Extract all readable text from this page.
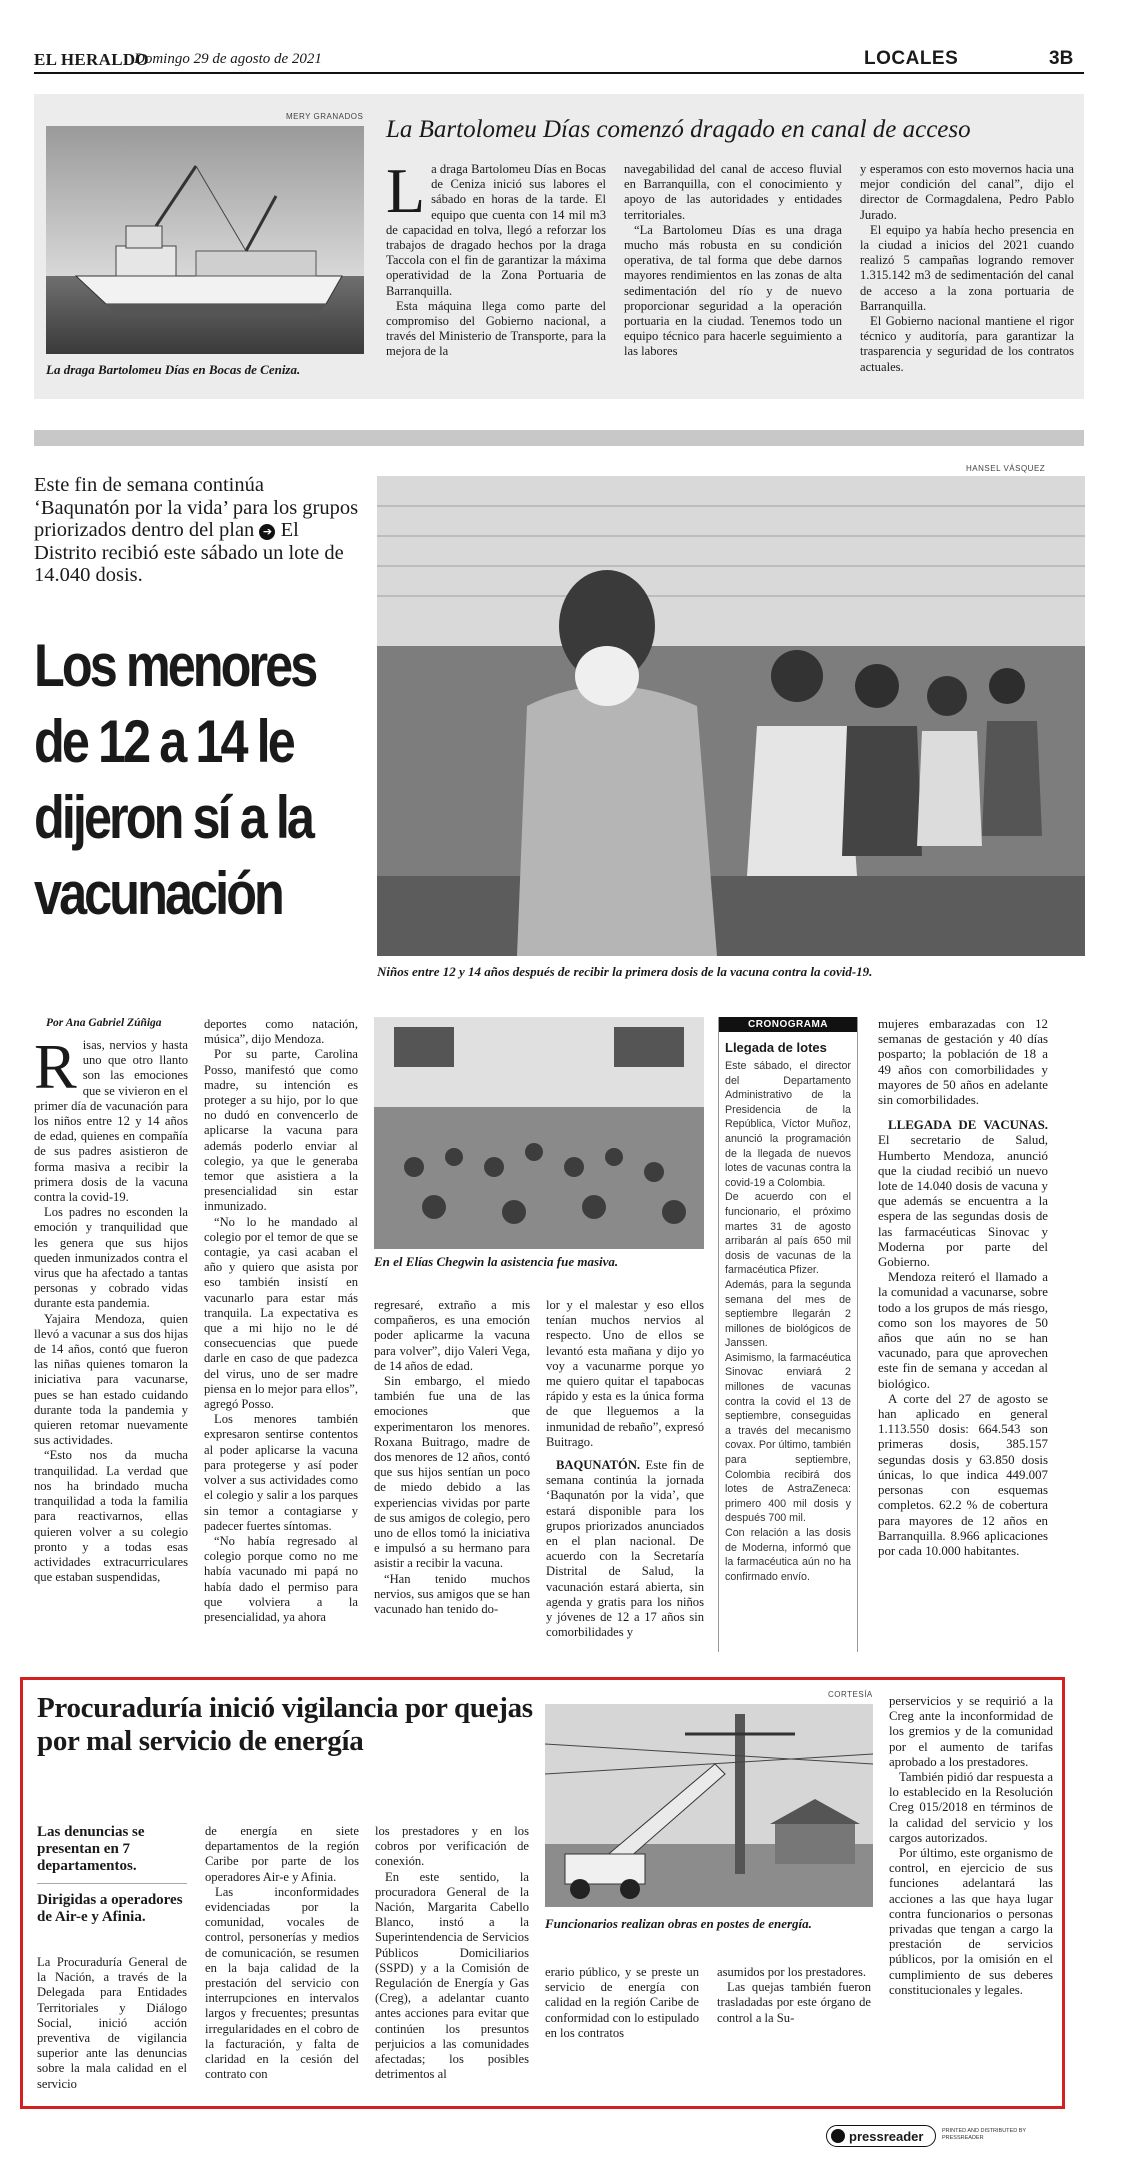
EL HERALDO
Domingo 29 de agosto de 2021	LOCALES	3B
MERY GRANADOS
La draga Bartolomeu Días en Bocas de Ceniza.
La Bartolomeu Días comenzó dragado en canal de acceso

La draga Bartolomeu Días en Bocas de Ceniza inició sus labores el sábado en horas de la tarde. El equipo que cuenta con 14 mil m3 de capacidad en tolva, llegó a reforzar los trabajos de dragado hechos por la draga Taccola con el fin de garantizar la máxima operatividad de la Zona Portuaria de Barranquilla.

Esta máquina llega como parte del compromiso del Gobierno nacional, a través del Ministerio de Transporte, para la mejora de la

navegabilidad del canal de acceso fluvial en Barranquilla, con el conocimiento y apoyo de las autoridades y entidades territoriales.

“La Bartolomeu Días es una draga mucho más robusta en su condición operativa, de tal forma que debe darnos mayores rendimientos en las zonas de alta sedimentación del río y de nuevo proporcionar seguridad a la operación portuaria en la ciudad. Tenemos todo un equipo técnico para hacerle seguimiento a las labores

y esperamos con esto movernos hacia una mejor condición del canal”, dijo el director de Cormagdalena, Pedro Pablo Jurado.

El equipo ya había hecho presencia en la ciudad a inicios del 2021 cuando realizó 5 campañas logrando remover 1.315.142 m3 de sedimentación del canal de acceso a la zona portuaria de Barranquilla.

El Gobierno nacional mantiene el rigor técnico y auditoría, para garantizar la trasparencia y seguridad de los contratos actuales.

Este fin de semana continúa ‘Baqunatón por la vida’ para los grupos priorizados dentro del plan ➔ El Distrito recibió este sábado un lote de 14.040 dosis.
Los menores de 12 a 14 le dijeron sí a la vacunación
HANSEL VÁSQUEZ
Niños entre 12 y 14 años después de recibir la primera dosis de la vacuna contra la covid-19.
Por Ana Gabriel Zúñiga

Risas, nervios y hasta uno que otro llanto son las emociones que se vivieron en el primer día de vacunación para los niños entre 12 y 14 años de edad, quienes en compañía de sus padres asistieron de forma masiva a recibir la primera dosis de la vacuna contra la covid-19.

Los padres no esconden la emoción y tranquilidad que les genera que sus hijos queden inmunizados contra el virus que ha afectado a tantas personas y cobrado vidas durante esta pandemia.

Yajaira Mendoza, quien llevó a vacunar a sus dos hijas de 14 años, contó que fueron las niñas quienes tomaron la iniciativa para vacunarse, pues se han estado cuidando durante toda la pandemia y quieren retomar nuevamente sus actividades.

“Esto nos da mucha tranquilidad. La verdad que nos ha brindado mucha tranquilidad a toda la familia para reactivarnos, ellas quieren volver a su colegio pronto y a todas esas actividades extracurriculares que estaban suspendidas,

deportes como natación, música”, dijo Mendoza.

Por su parte, Carolina Posso, manifestó que como madre, su intención es proteger a su hijo, por lo que no dudó en convencerlo de aplicarse la vacuna para además poderlo enviar al colegio, ya que le generaba temor que asistiera a la presencialidad sin estar inmunizado.

“No lo he mandado al colegio por el temor de que se contagie, ya casi acaban el año y quiero que asista por eso también insistí en vacunarlo para estar más tranquila. La expectativa es que a mi hijo no le dé consecuencias que puede darle en caso de que padezca del virus, uno de ser madre piensa en lo mejor para ellos”, agregó Posso.

Los menores también expresaron sentirse contentos al poder aplicarse la vacuna para protegerse y así poder volver a sus actividades como el colegio y salir a los parques sin temor a contagiarse y padecer fuertes síntomas.

“No había regresado al colegio porque como no me había vacunado mi papá no había dado el permiso para que volviera a la presencialidad, ya ahora

En el Elías Chegwin la asistencia fue masiva.

regresaré, extraño a mis compañeros, es una emoción poder aplicarme la vacuna para volver”, dijo Valeri Vega, de 14 años de edad.

Sin embargo, el miedo también fue una de las emociones que experimentaron los menores. Roxana Buitrago, madre de dos menores de 12 años, contó que sus hijos sentían un poco de miedo debido a las experiencias vividas por parte de sus amigos de colegio, pero uno de ellos tomó la iniciativa e impulsó a su hermano para asistir a recibir la vacuna.

“Han tenido muchos nervios, sus amigos que se han vacunado han tenido do-

lor y el malestar y eso ellos tenían muchos nervios al respecto. Uno de ellos se levantó esta mañana y dijo yo voy a vacunarme porque yo me quiero quitar el tapabocas rápido y esta es la única forma de que lleguemos a la inmunidad de rebaño”, expresó Buitrago.

BAQUNATÓN. Este fin de semana continúa la jornada ‘Baqunatón por la vida’, que estará disponible para los grupos priorizados anunciados en el plan nacional. De acuerdo con la Secretaría Distrital de Salud, la vacunación estará abierta, sin agenda y gratis para los niños y jóvenes de 12 a 17 años sin comorbilidades y

CRONOGRAMA
Llegada de lotes

Este sábado, el director del Departamento Administrativo de la Presidencia de la República, Víctor Muñoz, anunció la programación de la llegada de nuevos lotes de vacunas contra la covid-19 a Colombia.

De acuerdo con el funcionario, el próximo martes 31 de agosto arribarán al país 650 mil dosis de vacunas de la farmacéutica Pfizer.

Además, para la segunda semana del mes de septiembre llegarán 2 millones de biológicos de Janssen.

Asimismo, la farmacéutica Sinovac enviará 2 millones de vacunas contra la covid el 13 de septiembre, conseguidas a través del mecanismo covax. Por último, también para septiembre, Colombia recibirá dos lotes de AstraZeneca: primero 400 mil dosis y después 700 mil.

Con relación a las dosis de Moderna, informó que la farmacéutica aún no ha confirmado envío.

mujeres embarazadas con 12 semanas de gestación y 40 días posparto; la población de 18 a 49 años con comorbilidades y mayores de 50 años en adelante sin comorbilidades.

LLEGADA DE VACUNAS. El secretario de Salud, Humberto Mendoza, anunció que la ciudad recibió un nuevo lote de 14.040 dosis de vacuna y que además se encuentra a la espera de las segundas dosis de las farmacéuticas Sinovac y Moderna por parte del Gobierno.

Mendoza reiteró el llamado a la comunidad a vacunarse, sobre todo a los grupos de más riesgo, como son los mayores de 50 años que aún no se han vacunado, para que aprovechen este fin de semana y accedan al biológico.

A corte del 27 de agosto se han aplicado en general 1.113.550 dosis: 664.543 son primeras dosis, 385.157 segundas dosis y 63.850 dosis únicas, lo que indica 449.007 personas con esquemas completos. 62.2 % de cobertura para mayores de 12 años en Barranquilla. 8.966 aplicaciones por cada 10.000 habitantes.

Procuraduría inició vigilancia por quejas por mal servicio de energía
CORTESÍA
Las denuncias se presentan en 7 departamentos.
Dirigidas a operadores de Air-e y Afinia.

La Procuraduría General de la Nación, a través de la Delegada para Entidades Territoriales y Diálogo Social, inició acción preventiva de vigilancia superior ante las denuncias sobre la mala calidad en el servicio

de energía en siete departamentos de la región Caribe por parte de los operadores Air-e y Afinia.

Las inconformidades evidenciadas por la comunidad, vocales de control, personerías y medios de comunicación, se resumen en la baja calidad de la prestación del servicio con interrupciones en intervalos largos y frecuentes; presuntas irregularidades en el cobro de la facturación, y falta de claridad en la cesión del contrato con

los prestadores y en los cobros por verificación de conexión.

En este sentido, la procuradora General de la Nación, Margarita Cabello Blanco, instó a la Superintendencia de Servicios Públicos Domiciliarios (SSPD) y a la Comisión de Regulación de Energía y Gas (Creg), a adelantar cuanto antes acciones para evitar que continúen los presuntos perjuicios a las comunidades afectadas; los posibles detrimentos al

Funcionarios realizan obras en postes de energía.

erario público, y se preste un servicio de energía con calidad en la región Caribe de conformidad con lo estipulado en los contratos

asumidos por los prestadores.

Las quejas también fueron trasladadas por este órgano de control a la Su-

perservicios y se requirió a la Creg ante la inconformidad de los gremios y de la comunidad por el aumento de tarifas aprobado a los prestadores.

También pidió dar respuesta a lo establecido en la Resolución Creg 015/2018 en términos de la calidad del servicio y los cargos autorizados.

Por último, este organismo de control, en ejercicio de sus funciones adelantará las acciones a las que haya lugar contra funcionarios o personas privadas que tengan a cargo la prestación de servicios públicos, por la omisión en el cumplimiento de sus deberes constitucionales y legales.

pressreader	PRINTED AND DISTRIBUTED BY PRESSREADER
